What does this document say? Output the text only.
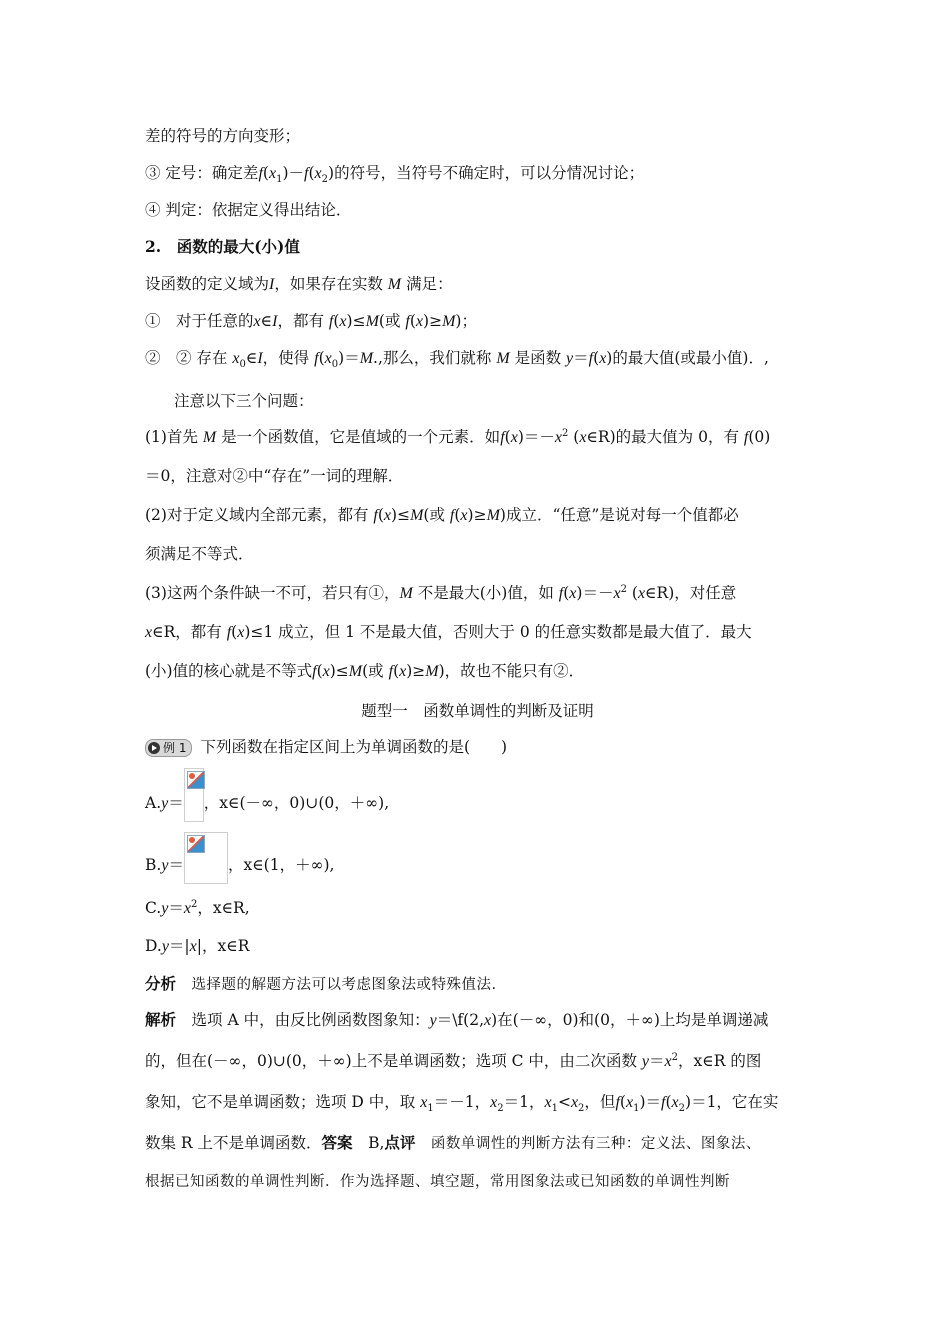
差的符号的方向变形；
③ 定号：确定差$f(x_1)-f(x_2)$的符号，当符号不确定时，可以分情况讨论；
④ 判定：依据定义得出结论．
2.　 函数的最大(小)值
设函数的定义域为I，如果存在实数 M 满足：
①　对于任意的x∈I，都有 f(x)≤M(或 f(x)≥M)；
②　② 存在 $x_0\in I$，使得 $f(x_0)=M$.,那么，我们就称 M 是函数 y＝f(x)的最大值(或最小值)．,
注意以下三个问题：
(1)首先 M 是一个函数值，它是值域的一个元素．如$f(x)=-x^2$ (x∈R)的最大值为 0，有 f(0)
＝0，注意对②中“存在”一词的理解．
(2)对于定义域内全部元素，都有 f(x)≤M(或 f(x)≥M)成立．“任意”是说对每一个值都必
须满足不等式．
(3)这两个条件缺一不可，若只有①，M 不是最大(小)值，如 $f(x)=-x^2$ (x∈R)，对任意
x∈R，都有 f(x)≤1 成立，但 1 不是最大值，否则大于 0 的任意实数都是最大值了．最大
(小)值的核心就是不等式f(x)≤M(或 f(x)≥M)，故也不能只有②．
题型一　函数单调性的判断及证明
例 1 下列函数在指定区间上为单调函数的是(　　)
A.y＝ ，x∈(－∞，0)∪(0，＋∞),
B.y＝	，x∈(1，＋∞),
$C.y=x^2$，x∈R,
D.y＝|x|，x∈R
分析　 选择题的解题方法可以考虑图象法或特殊值法.
解析　 选项 A 中，由反比例函数图象知：y＝\f(2,x)在(－∞，0)和(0，＋∞)上均是单调递减
的，但在(－∞，0)∪(0，＋∞)上不是单调函数；选项 C 中，由二次函数 $y=x^2$，x∈R 的图
象知，它不是单调函数；选项 D 中，取 $x_1=-1$，$x_2=1$，$x_1<x_2$，但$f(x_1)=f(x_2)=1$，它在实
数集 R 上不是单调函数．答案　 B,点评　 函数单调性的判断方法有三种：定义法、图象法、
根据已知函数的单调性判断．作为选择题、填空题，常用图象法或已知函数的单调性判断
